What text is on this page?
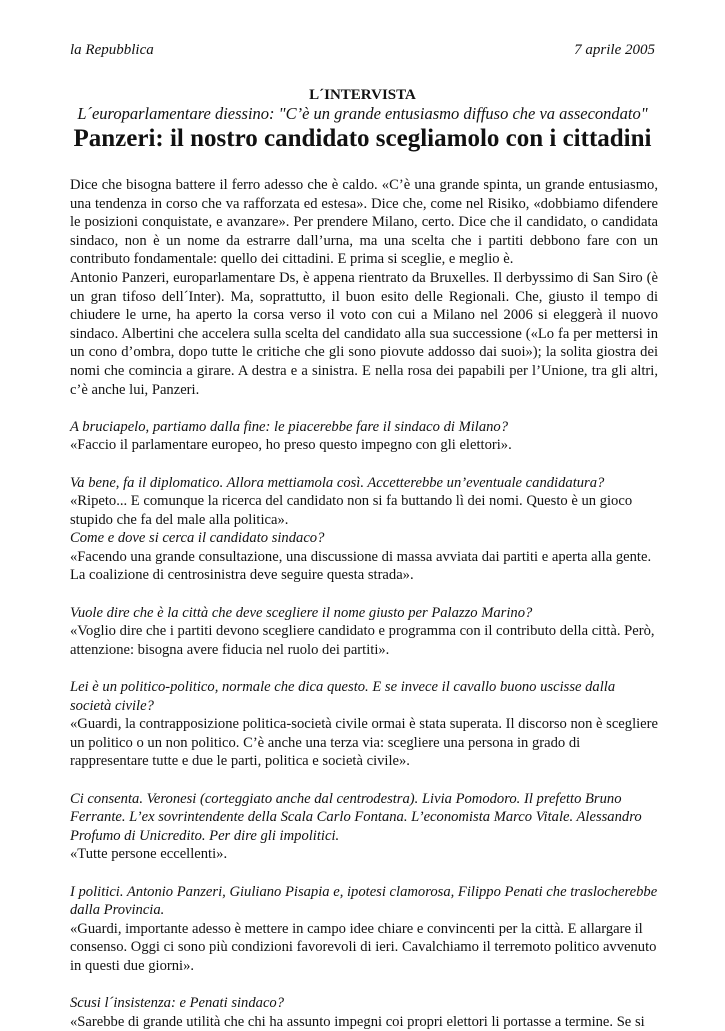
la Repubblica	7 aprile 2005
L´INTERVISTA
L´europarlamentare diessino: "C’è un grande entusiasmo diffuso che va assecondato"
Panzeri: il nostro candidato scegliamolo con i cittadini

Dice che bisogna battere il ferro adesso che è caldo. «C’è una grande spinta, un grande entusiasmo, una tendenza in corso che va rafforzata ed estesa». Dice che, come nel Risiko, «dobbiamo difendere le posizioni conquistate, e avanzare». Per prendere Milano, certo. Dice che il candidato, o candidata sindaco, non è un nome da estrarre dall’urna, ma una scelta che i partiti debbono fare con un contributo fondamentale: quello dei cittadini. E prima si sceglie, e meglio è.

Antonio Panzeri, europarlamentare Ds, è appena rientrato da Bruxelles. Il derbyssimo di San Siro (è un gran tifoso dell´Inter). Ma, soprattutto, il buon esito delle Regionali. Che, giusto il tempo di chiudere le urne, ha aperto la corsa verso il voto con cui a Milano nel 2006 si eleggerà il nuovo sindaco. Albertini che accelera sulla scelta del candidato alla sua successione («Lo fa per mettersi in un cono d’ombra, dopo tutte le critiche che gli sono piovute addosso dai suoi»); la solita giostra dei nomi che comincia a girare. A destra e a sinistra. E nella rosa dei papabili per l’Unione, tra gli altri, c’è anche lui, Panzeri.

A bruciapelo, partiamo dalla fine: le piacerebbe fare il sindaco di Milano?
«Faccio il parlamentare europeo, ho preso questo impegno con gli elettori».
Va bene, fa il diplomatico. Allora mettiamola così. Accetterebbe un’eventuale candidatura?
«Ripeto... E comunque la ricerca del candidato non si fa buttando lì dei nomi. Questo è un gioco stupido che fa del male alla politica».
Come e dove si cerca il candidato sindaco?
«Facendo una grande consultazione, una discussione di massa avviata dai partiti e aperta alla gente. La coalizione di centrosinistra deve seguire questa strada».
Vuole dire che è la città che deve scegliere il nome giusto per Palazzo Marino?
«Voglio dire che i partiti devono scegliere candidato e programma con il contributo della città. Però, attenzione: bisogna avere fiducia nel ruolo dei partiti».
Lei è un politico-politico, normale che dica questo. E se invece il cavallo buono uscisse dalla società civile?
«Guardi, la contrapposizione politica-società civile ormai è stata superata. Il discorso non è scegliere un politico o un non politico. C’è anche una terza via: scegliere una persona in grado di rappresentare tutte e due le parti, politica e società civile».
Ci consenta. Veronesi (corteggiato anche dal centrodestra). Livia Pomodoro. Il prefetto Bruno Ferrante. L’ex sovrintendente della Scala Carlo Fontana. L’economista Marco Vitale. Alessandro Profumo di Unicredito. Per dire gli impolitici.
«Tutte persone eccellenti».
I politici. Antonio Panzeri, Giuliano Pisapia e, ipotesi clamorosa, Filippo Penati che traslocherebbe dalla Provincia.
«Guardi, importante adesso è mettere in campo idee chiare e convincenti per la città. E allargare il consenso. Oggi ci sono più condizioni favorevoli di ieri. Cavalchiamo il terremoto politico avvenuto in questi due giorni».
Scusi l´insistenza: e Penati sindaco?
«Sarebbe di grande utilità che chi ha assunto impegni coi propri elettori li portasse a termine. Se si
